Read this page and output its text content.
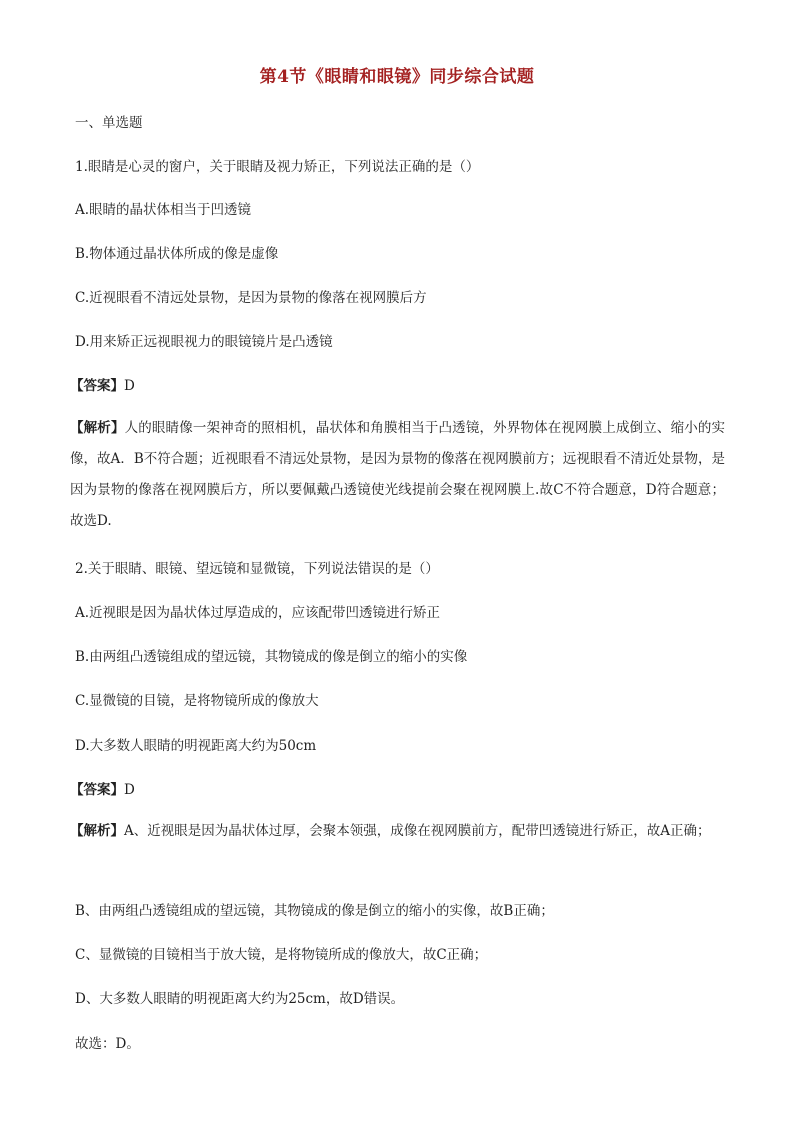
第4节《眼睛和眼镜》同步综合试题
一、单选题
1.眼睛是心灵的窗户，关于眼睛及视力矫正，下列说法正确的是（）
A.眼睛的晶状体相当于凹透镜
B.物体通过晶状体所成的像是虚像
C.近视眼看不清远处景物，是因为景物的像落在视网膜后方
D.用来矫正远视眼视力的眼镜镜片是凸透镜
【答案】D
【解析】人的眼睛像一架神奇的照相机，晶状体和角膜相当于凸透镜，外界物体在视网膜上成倒立、缩小的实像，故A．B不符合题；近视眼看不清远处景物，是因为景物的像落在视网膜前方；远视眼看不清近处景物，是因为景物的像落在视网膜后方，所以要佩戴凸透镜使光线提前会聚在视网膜上.故C不符合题意，D符合题意；故选D.
2.关于眼睛、眼镜、望远镜和显微镜，下列说法错误的是（）
A.近视眼是因为晶状体过厚造成的，应该配带凹透镜进行矫正
B.由两组凸透镜组成的望远镜，其物镜成的像是倒立的缩小的实像
C.显微镜的目镜，是将物镜所成的像放大
D.大多数人眼睛的明视距离大约为50cm
【答案】D
【解析】A、近视眼是因为晶状体过厚，会聚本领强，成像在视网膜前方，配带凹透镜进行矫正，故A正确；
B、由两组凸透镜组成的望远镜，其物镜成的像是倒立的缩小的实像，故B正确；
C、显微镜的目镜相当于放大镜，是将物镜所成的像放大，故C正确；
D、大多数人眼睛的明视距离大约为25cm，故D错误。
故选：D。
